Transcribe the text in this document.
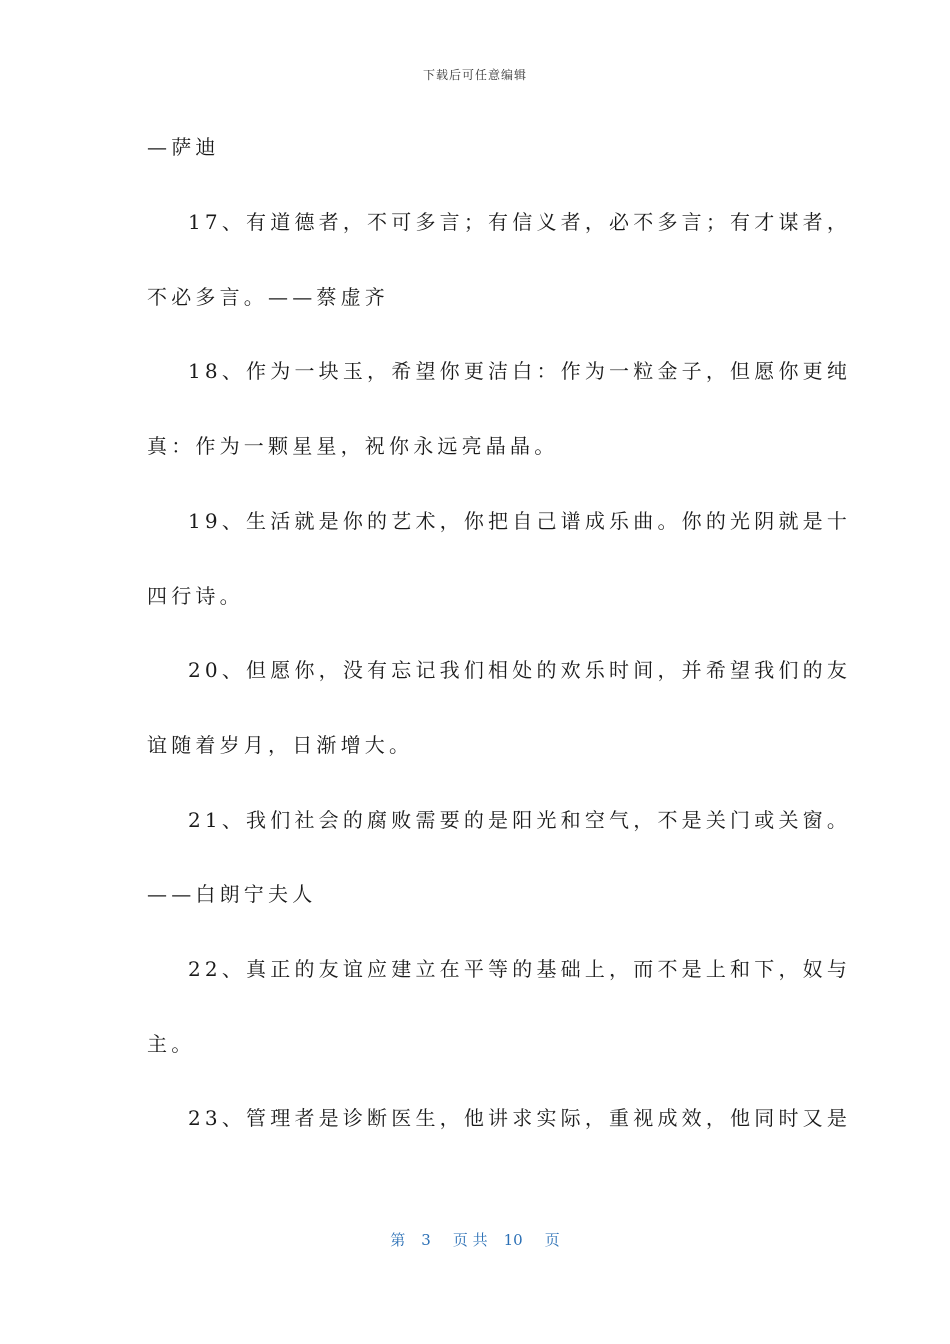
下载后可任意编辑
—萨迪
17、有道德者，不可多言；有信义者，必不多言；有才谋者，
不必多言。——蔡虚齐
18、作为一块玉，希望你更洁白：作为一粒金子，但愿你更纯
真：作为一颗星星，祝你永远亮晶晶。
19、生活就是你的艺术，你把自己谱成乐曲。你的光阴就是十
四行诗。
20、但愿你，没有忘记我们相处的欢乐时间，并希望我们的友
谊随着岁月，日渐增大。
21、我们社会的腐败需要的是阳光和空气，不是关门或关窗。
——白朗宁夫人
22、真正的友谊应建立在平等的基础上，而不是上和下，奴与
主。
23、管理者是诊断医生，他讲求实际，重视成效，他同时又是
第 3 页 共 10 页
